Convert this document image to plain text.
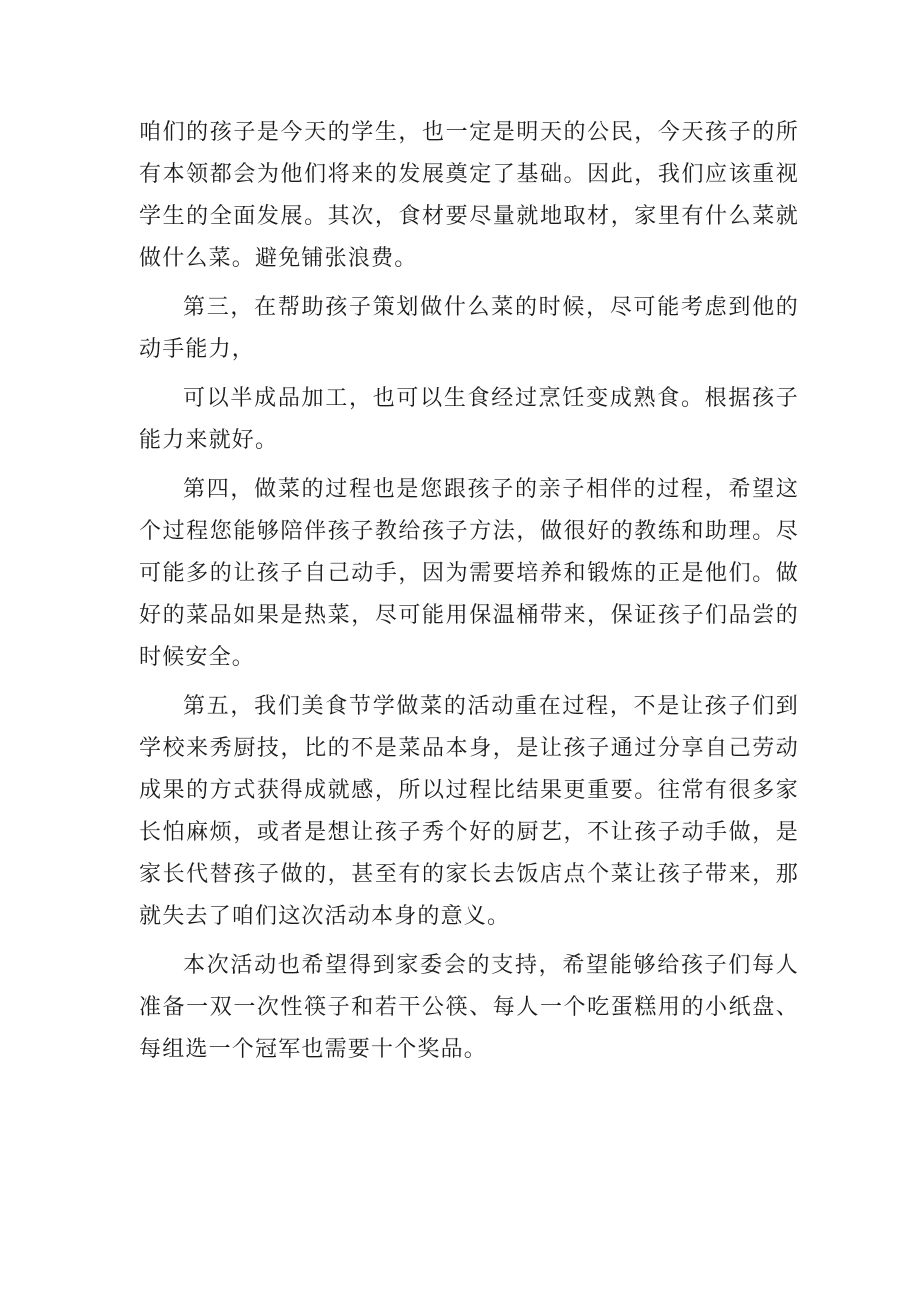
咱们的孩子是今天的学生，也一定是明天的公民，今天孩子的所有本领都会为他们将来的发展奠定了基础。因此，我们应该重视学生的全面发展。其次，食材要尽量就地取材，家里有什么菜就做什么菜。避免铺张浪费。

第三，在帮助孩子策划做什么菜的时候，尽可能考虑到他的动手能力，

可以半成品加工，也可以生食经过烹饪变成熟食。根据孩子能力来就好。

第四，做菜的过程也是您跟孩子的亲子相伴的过程，希望这个过程您能够陪伴孩子教给孩子方法，做很好的教练和助理。尽可能多的让孩子自己动手，因为需要培养和锻炼的正是他们。做好的菜品如果是热菜，尽可能用保温桶带来，保证孩子们品尝的时候安全。

第五，我们美食节学做菜的活动重在过程，不是让孩子们到学校来秀厨技，比的不是菜品本身，是让孩子通过分享自己劳动成果的方式获得成就感，所以过程比结果更重要。往常有很多家长怕麻烦，或者是想让孩子秀个好的厨艺，不让孩子动手做，是家长代替孩子做的，甚至有的家长去饭店点个菜让孩子带来，那就失去了咱们这次活动本身的意义。

本次活动也希望得到家委会的支持，希望能够给孩子们每人准备一双一次性筷子和若干公筷、每人一个吃蛋糕用的小纸盘、每组选一个冠军也需要十个奖品。
